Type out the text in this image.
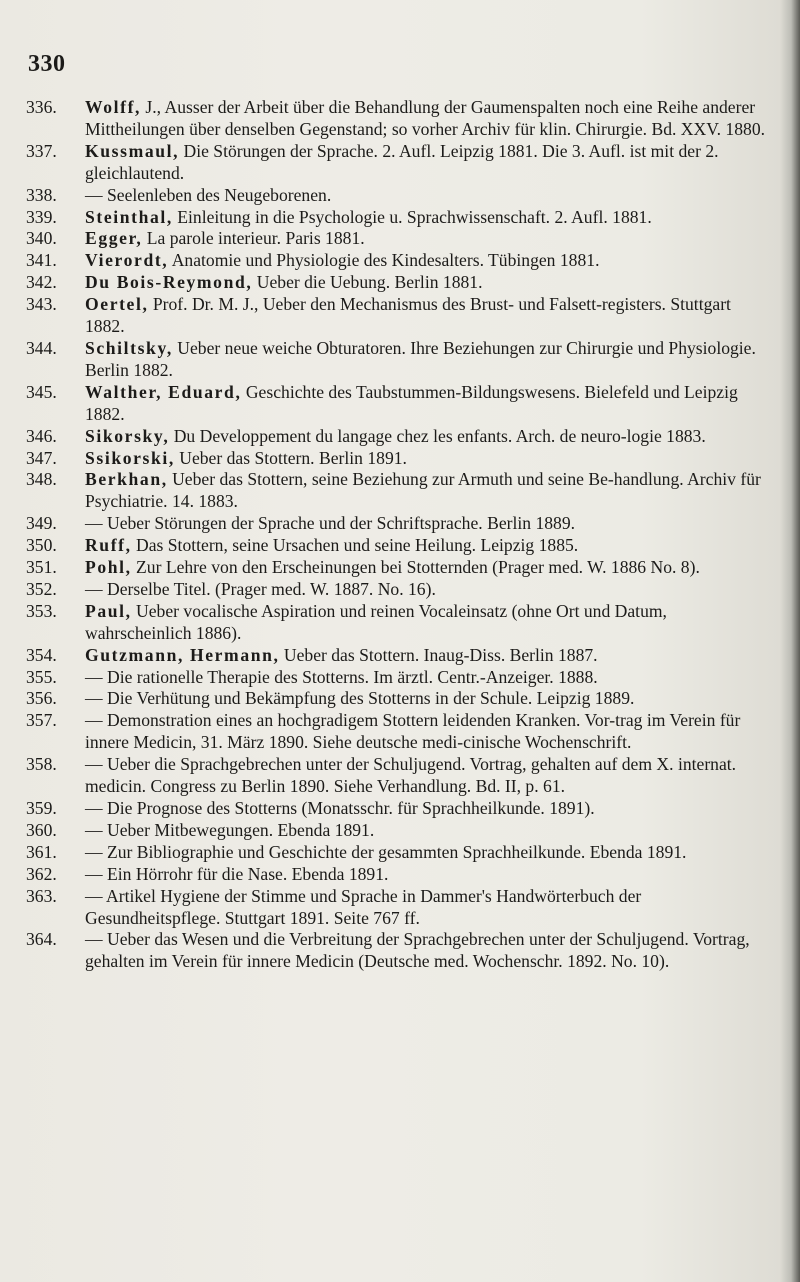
330
336. Wolff, J., Ausser der Arbeit über die Behandlung der Gaumenspalten noch eine Reihe anderer Mittheilungen über denselben Gegenstand; so vorher Archiv für klin. Chirurgie. Bd. XXV. 1880.
337. Kussmaul, Die Störungen der Sprache. 2. Aufl. Leipzig 1881. Die 3. Aufl. ist mit der 2. gleichlautend.
338. — Seelenleben des Neugeborenen.
339. Steinthal, Einleitung in die Psychologie u. Sprachwissenschaft. 2. Aufl. 1881.
340. Egger, La parole interieur. Paris 1881.
341. Vierordt, Anatomie und Physiologie des Kindesalters. Tübingen 1881.
342. Du Bois-Reymond, Ueber die Uebung. Berlin 1881.
343. Oertel, Prof. Dr. M. J., Ueber den Mechanismus des Brust- und Falsett-registers. Stuttgart 1882.
344. Schiltsky, Ueber neue weiche Obturatoren. Ihre Beziehungen zur Chirurgie und Physiologie. Berlin 1882.
345. Walther, Eduard, Geschichte des Taubstummen-Bildungswesens. Bielefeld und Leipzig 1882.
346. Sikorsky, Du Developpement du langage chez les enfants. Arch. de neuro-logie 1883.
347. Ssikorski, Ueber das Stottern. Berlin 1891.
348. Berkhan, Ueber das Stottern, seine Beziehung zur Armuth und seine Be-handlung. Archiv für Psychiatrie. 14. 1883.
349. — Ueber Störungen der Sprache und der Schriftsprache. Berlin 1889.
350. Ruff, Das Stottern, seine Ursachen und seine Heilung. Leipzig 1885.
351. Pohl, Zur Lehre von den Erscheinungen bei Stotternden (Prager med. W. 1886 No. 8).
352. — Derselbe Titel. (Prager med. W. 1887. No. 16).
353. Paul, Ueber vocalische Aspiration und reinen Vocaleinsatz (ohne Ort und Datum, wahrscheinlich 1886).
354. Gutzmann, Hermann, Ueber das Stottern. Inaug-Diss. Berlin 1887.
355. — Die rationelle Therapie des Stotterns. Im ärztl. Centr.-Anzeiger. 1888.
356. — Die Verhütung und Bekämpfung des Stotterns in der Schule. Leipzig 1889.
357. — Demonstration eines an hochgradigem Stottern leidenden Kranken. Vor-trag im Verein für innere Medicin, 31. März 1890. Siehe deutsche medi-cinische Wochenschrift.
358. — Ueber die Sprachgebrechen unter der Schuljugend. Vortrag, gehalten auf dem X. internat. medicin. Congress zu Berlin 1890. Siehe Verhandlung. Bd. II, p. 61.
359. — Die Prognose des Stotterns (Monatsschr. für Sprachheilkunde. 1891).
360. — Ueber Mitbewegungen. Ebenda 1891.
361. — Zur Bibliographie und Geschichte der gesammten Sprachheilkunde. Ebenda 1891.
362. — Ein Hörrohr für die Nase. Ebenda 1891.
363. — Artikel Hygiene der Stimme und Sprache in Dammer's Handwörterbuch der Gesundheitspflege. Stuttgart 1891. Seite 767 ff.
364. — Ueber das Wesen und die Verbreitung der Sprachgebrechen unter der Schuljugend. Vortrag, gehalten im Verein für innere Medicin (Deutsche med. Wochenschr. 1892. No. 10).
